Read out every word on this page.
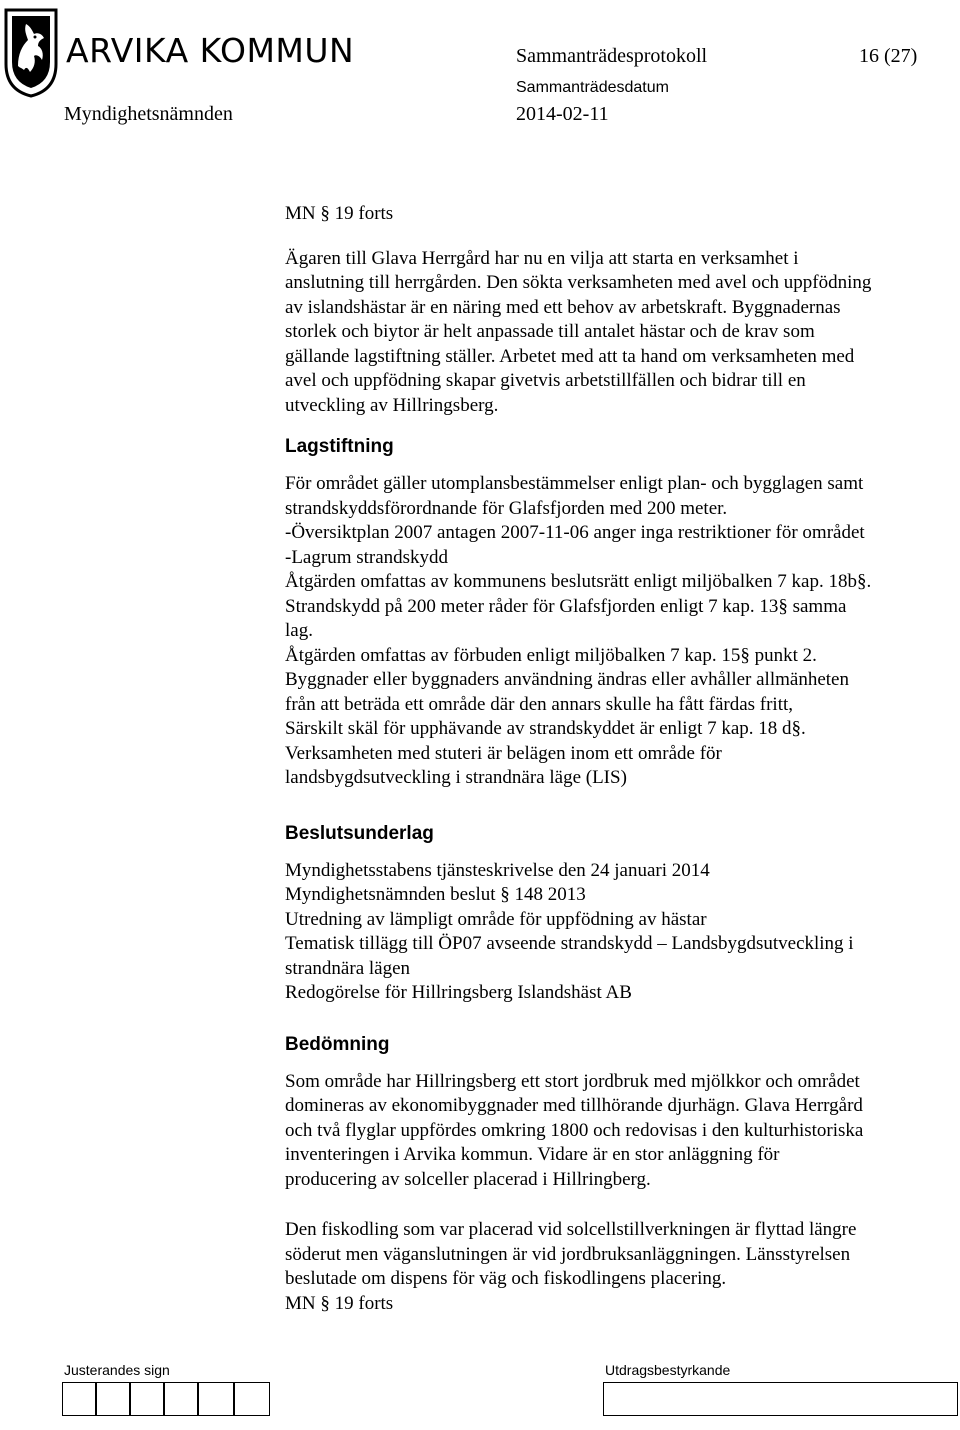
ARVIKA KOMMUN	Sammanträdesprotokoll	16 (27)
Myndighetsnämnden
Sammanträdesdatum
2014-02-11

MN § 19 forts

Ägaren till Glava Herrgård har nu en vilja att starta en verksamhet i
anslutning till herrgården. Den sökta verksamheten med avel och uppfödning
av islandshästar är en näring med ett behov av arbetskraft. Byggnadernas
storlek och biytor är helt anpassade till antalet hästar och de krav som
gällande lagstiftning ställer. Arbetet med att ta hand om verksamheten med
avel och uppfödning skapar givetvis arbetstillfällen och bidrar till en
utveckling av Hillringsberg.

Lagstiftning

För området gäller utomplansbestämmelser enligt plan- och bygglagen samt
strandskyddsförordnande för Glafsfjorden med 200 meter.
-Översiktplan 2007 antagen 2007-11-06 anger inga restriktioner för området
-Lagrum strandskydd
Åtgärden omfattas av kommunens beslutsrätt enligt miljöbalken 7 kap. 18b§.
Strandskydd på 200 meter råder för Glafsfjorden enligt 7 kap. 13§ samma
lag.
Åtgärden omfattas av förbuden enligt miljöbalken 7 kap. 15§ punkt 2.
Byggnader eller byggnaders användning ändras eller avhåller allmänheten
från att beträda ett område där den annars skulle ha fått färdas fritt,
Särskilt skäl för upphävande av strandskyddet är enligt 7 kap. 18 d§.
Verksamheten med stuteri är belägen inom ett område för
landsbygdsutveckling i strandnära läge (LIS)

Beslutsunderlag

Myndighetsstabens tjänsteskrivelse den 24 januari 2014
Myndighetsnämnden beslut § 148 2013
Utredning av lämpligt område för uppfödning av hästar
Tematisk tillägg till ÖP07 avseende strandskydd – Landsbygdsutveckling i
strandnära lägen
Redogörelse för Hillringsberg Islandshäst AB

Bedömning

Som område har Hillringsberg ett stort jordbruk med mjölkkor och området
domineras av ekonomibyggnader med tillhörande djurhägn. Glava Herrgård
och två flyglar uppfördes omkring 1800 och redovisas i den kulturhistoriska
inventeringen i Arvika kommun. Vidare är en stor anläggning för
producering av solceller placerad i Hillringberg.

Den fiskodling som var placerad vid solcellstillverkningen är flyttad längre
söderut men väganslutningen är vid jordbruksanläggningen. Länsstyrelsen
beslutade om dispens för väg och fiskodlingens placering.

MN § 19 forts

Justerandes sign	Utdragsbestyrkande
